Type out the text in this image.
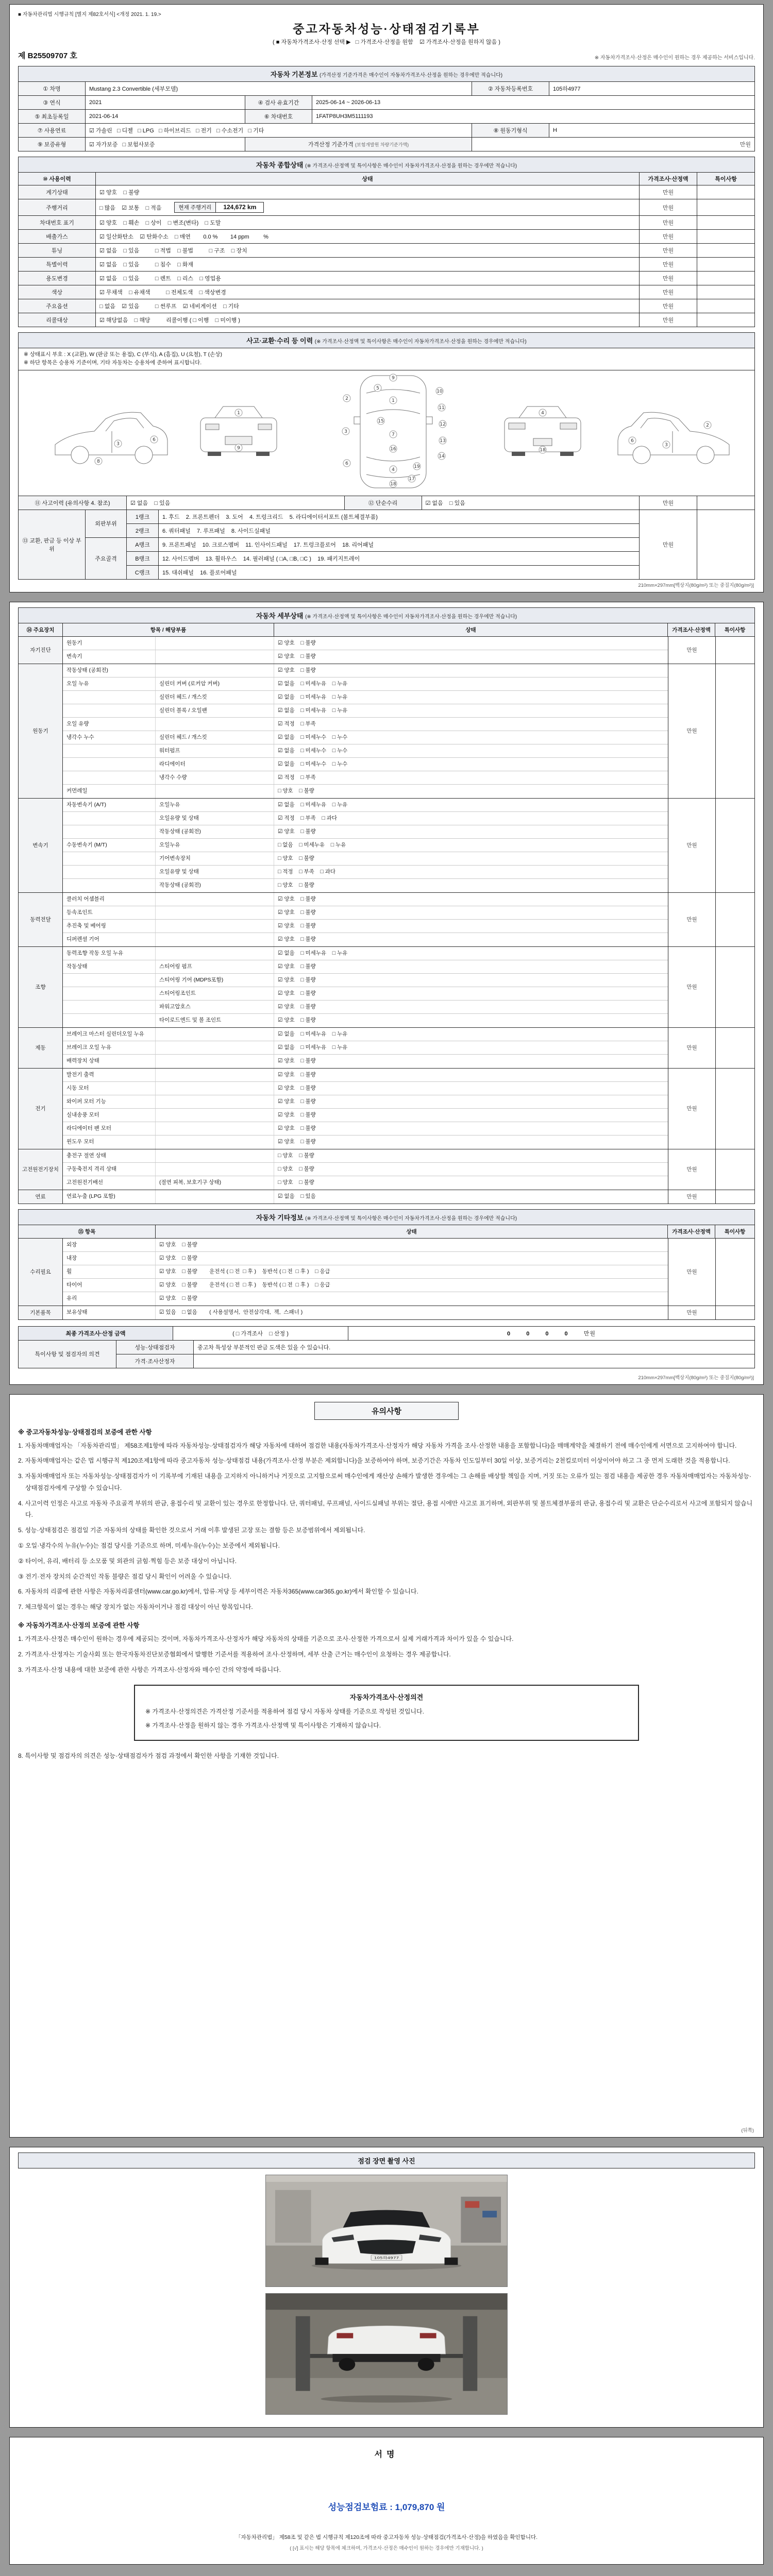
■ 자동차관리법 시행규칙 [별지 제82호서식] <개정 2021. 1. 19.>
중고자동차성능·상태점검기록부
( ■ 자동차가격조사·산정 선택 ▶   □ 가격조사·산정을 원함    ☑ 가격조사·산정을 원하지 않음 )
제 B25509707 호	※ 자동차가격조사·산정은 매수인이 원하는 경우 제공하는 서비스입니다.
자동차 기본정보 (가격산정 기준가격은 매수인이 자동차가격조사·산정을 원하는 경우에만 적습니다)
① 차명	Mustang 2.3 Convertible (세부모델)			② 자동차등록번호	105하4977
③ 연식	2021	④ 검사 유효기간	2025-06-14 ~ 2026-06-13		
⑤ 최초등록일	2021-06-14	⑥ 차대번호	1FATP8UH3M5111193		
⑦ 사용연료	☑ 가솔린   □ 디젤   □ LPG   □ 하이브리드   □ 전기   □ 수소전기   □ 기타			⑧ 원동기형식	H
⑨ 보증유형	☑ 자가보증   □ 보험사보증	가격산정 기준가격 (보험개발원 차량기준가액)		만원	
자동차 종합상태 (※ 가격조사·산정액 및 특이사항은 매수인이 자동차가격조사·산정을 원하는 경우에만 적습니다)
⑩ 사용이력	상태	가격조사·산정액	특이사항
계기상태	☑ 양호    □ 불량	만원	
주행거리	□ 많음    ☑ 보통    □ 적음 현재 주행거리 124,672 km	만원	
차대번호 표기	☑ 양호    □ 훼손    □ 상이    □ 변조(변타)    □ 도말	만원	
배출가스	☑ 일산화탄소    ☑ 탄화수소    □ 매연        0.0 %        14 ppm         %	만원	
튜닝	☑ 없음    □ 있음          □ 적법    □ 불법          □ 구조    □ 장치	만원	
특별이력	☑ 없음    □ 있음          □ 침수    □ 화재	만원	
용도변경	☑ 없음    □ 있음          □ 렌트    □ 리스    □ 영업용	만원	
색상	☑ 무채색    □ 유채색          □ 전체도색    □ 색상변경	만원	
주요옵션	□ 없음    ☑ 있음          □ 썬루프    ☑ 네비게이션    □ 기타	만원	
리콜대상	☑ 해당없음    □ 해당          리콜이행 ( □ 이행    □ 미이행 )	만원	
사고·교환·수리 등 이력 (※ 가격조사·산정액 및 특이사항은 매수인이 자동차가격조사·산정을 원하는 경우에만 적습니다)
※ 상태표시 부호 : X (교환), W (판금 또는 용접), C (부식), A (흠집), U (요철), T (손상)
※ 하단 항목은 승용차 기준이며, 기타 자동차는 승용차에 준하여 표시합니다.
3
6
8
1
9
9
5
1
15
7
16
4
18
17
19
2
3
6
10
11
12
13
14
4
18
2
3
6
⑪ 사고이력 (유의사항 4. 참조)	☑ 없음    □ 있음	⑫ 단순수리	☑ 없음    □ 있음	만원	
⑬ 교환, 판금 등 이상 부위	외판부위	1랭크	1. 후드    2. 프론트펜더    3. 도어    4. 트렁크리드    5. 라디에이터서포트 (볼트체결부품)	만원	
		2랭크	6. 쿼터패널    7. 루프패널    8. 사이드실패널		
	주요골격	A랭크	9. 프론트패널    10. 크로스멤버    11. 인사이드패널    17. 트렁크플로어    18. 리어패널		
		B랭크	12. 사이드멤버    13. 휠하우스    14. 필러패널 ( □A, □B, □C )    19. 패키지트레이		
		C랭크	15. 대쉬패널    16. 플로어패널		
210mm×297mm[백상지(80g/m²) 또는 중질지(80g/m²)]
자동차 세부상태 (※ 가격조사·산정액 및 특이사항은 매수인이 자동차가격조사·산정을 원하는 경우에만 적습니다)
⑭ 주요장치	항목 / 해당부품	상태	가격조사·산정액	특이사항
자기진단
원동기	☑ 양호    □ 불량
변속기	☑ 양호    □ 불량
만원
원동기
작동상태 (공회전)	☑ 양호    □ 불량
오일 누유	실린더 커버 (로커암 커버)	☑ 없음    □ 미세누유    □ 누유
실린더 헤드 / 개스킷	☑ 없음    □ 미세누유    □ 누유
실린더 블록 / 오일팬	☑ 없음    □ 미세누유    □ 누유
오일 유량	☑ 적정    □ 부족
냉각수 누수	실린더 헤드 / 개스킷	☑ 없음    □ 미세누수    □ 누수
워터펌프	☑ 없음    □ 미세누수    □ 누수
라디에이터	☑ 없음    □ 미세누수    □ 누수
냉각수 수량	☑ 적정    □ 부족
커먼레일	□ 양호    □ 불량
만원
변속기
자동변속기 (A/T)	오일누유	☑ 없음    □ 미세누유    □ 누유
오일유량 및 상태	☑ 적정    □ 부족    □ 과다
작동상태 (공회전)	☑ 양호    □ 불량
수동변속기 (M/T)	오일누유	□ 없음    □ 미세누유    □ 누유
기어변속장치	□ 양호    □ 불량
오일유량 및 상태	□ 적정    □ 부족    □ 과다
작동상태 (공회전)	□ 양호    □ 불량
만원
동력전달
클러치 어셈블리	☑ 양호    □ 불량
등속조인트	☑ 양호    □ 불량
추진축 및 베어링	☑ 양호    □ 불량
디퍼렌셜 기어	☑ 양호    □ 불량
만원
조향
동력조향 작동 오일 누유	☑ 없음    □ 미세누유    □ 누유
작동상태	스티어링 펌프	☑ 양호    □ 불량
스티어링 기어 (MDPS포함)	☑ 양호    □ 불량
스티어링조인트	☑ 양호    □ 불량
파워고압호스	☑ 양호    □ 불량
타이로드엔드 및 볼 조인트	☑ 양호    □ 불량
만원
제동
브레이크 마스터 실린더오일 누유	☑ 없음    □ 미세누유    □ 누유
브레이크 오일 누유	☑ 없음    □ 미세누유    □ 누유
배력장치 상태	☑ 양호    □ 불량
만원
전기
발전기 출력	☑ 양호    □ 불량
시동 모터	☑ 양호    □ 불량
와이퍼 모터 기능	☑ 양호    □ 불량
실내송풍 모터	☑ 양호    □ 불량
라디에이터 팬 모터	☑ 양호    □ 불량
윈도우 모터	☑ 양호    □ 불량
만원
고전원전기장치
충전구 절연 상태	□ 양호    □ 불량
구동축전지 격리 상태	□ 양호    □ 불량
고전원전기배선	(절연 피복, 보호기구 상태)	□ 양호    □ 불량
만원
연료	연료누출 (LPG 포함)	☑ 없음    □ 있음	만원
자동차 기타정보 (※ 가격조사·산정액 및 특이사항은 매수인이 자동차가격조사·산정을 원하는 경우에만 적습니다)
⑮ 항목	상태	가격조사·산정액	특이사항
수리필요
외장	☑ 양호    □ 불량
내장	☑ 양호    □ 불량
휠	☑ 양호    □ 불량        운전석 ( □ 전  □ 후 )    동반석 ( □ 전  □ 후 )    □ 응급
타이어	☑ 양호    □ 불량        운전석 ( □ 전  □ 후 )    동반석 ( □ 전  □ 후 )    □ 응급
유리	☑ 양호    □ 불량
만원
기본품목	보유상태	☑ 있음    □ 없음        ( 사용설명서,  안전삼각대,  잭,  스패너 )	만원
최종 가격조사·산정 금액	( □ 가격조사    □ 산정 )	0 0 0 0 만원
특이사항 및 점검자의 의견	성능·상태점검자	중고차 특성상 부분적인 판금 도색은 있을 수 있습니다.
	가격·조사산정자	
210mm×297mm[백상지(80g/m²) 또는 중질지(80g/m²)]
유의사항
※ 중고자동차성능·상태점검의 보증에 관한 사항

1. 자동차매매업자는 「자동차관리법」 제58조제1항에 따라 자동차성능·상태점검자가 해당 자동차에 대하여 점검한 내용(자동차가격조사·산정자가 해당 자동차 가격을 조사·산정한 내용을 포함합니다)을 매매계약을 체결하기 전에 매수인에게 서면으로 고지하여야 합니다.

2. 자동차매매업자는 같은 법 시행규칙 제120조제1항에 따라 중고자동차 성능·상태점검 내용(가격조사·산정 부분은 제외합니다)을 보증하여야 하며, 보증기간은 자동차 인도일부터 30일 이상, 보증거리는 2천킬로미터 이상이어야 하고 그 중 먼저 도래한 것을 적용합니다.

3. 자동차매매업자 또는 자동차성능·상태점검자가 이 기록부에 기재된 내용을 고지하지 아니하거나 거짓으로 고지함으로써 매수인에게 재산상 손해가 발생한 경우에는 그 손해를 배상할 책임을 지며, 거짓 또는 오류가 있는 점검 내용을 제공한 경우 자동차매매업자는 자동차성능·상태점검자에게 구상할 수 있습니다.

4. 사고이력 인정은 사고로 자동차 주요골격 부위의 판금, 용접수리 및 교환이 있는 경우로 한정합니다. 단, 쿼터패널, 루프패널, 사이드실패널 부위는 절단, 용접 시에만 사고로 표기하며, 외판부위 및 볼트체결부품의 판금, 용접수리 및 교환은 단순수리로서 사고에 포함되지 않습니다.

5. 성능·상태점검은 점검일 기준 자동차의 상태를 확인한 것으로서 거래 이후 발생된 고장 또는 결함 등은 보증범위에서 제외됩니다.

① 오일·냉각수의 누유(누수)는 점검 당시를 기준으로 하며, 미세누유(누수)는 보증에서 제외됩니다.

② 타이어, 유리, 배터리 등 소모품 및 외관의 긁힘·찍힘 등은 보증 대상이 아닙니다.

③ 전기·전자 장치의 순간적인 작동 불량은 점검 당시 확인이 어려울 수 있습니다.

6. 자동차의 리콜에 관한 사항은 자동차리콜센터(www.car.go.kr)에서, 압류·저당 등 세부이력은 자동차365(www.car365.go.kr)에서 확인할 수 있습니다.

7. 체크항목이 없는 경우는 해당 장치가 없는 자동차이거나 점검 대상이 아닌 항목입니다.

※ 자동차가격조사·산정의 보증에 관한 사항

1. 가격조사·산정은 매수인이 원하는 경우에 제공되는 것이며, 자동차가격조사·산정자가 해당 자동차의 상태를 기준으로 조사·산정한 가격으로서 실제 거래가격과 차이가 있을 수 있습니다.

2. 가격조사·산정자는 기술사회 또는 한국자동차진단보증협회에서 발행한 기준서를 적용하여 조사·산정하며, 세부 산출 근거는 매수인이 요청하는 경우 제공합니다.

3. 가격조사·산정 내용에 대한 보증에 관한 사항은 가격조사·산정자와 매수인 간의 약정에 따릅니다.

자동차가격조사·산정의견

※ 가격조사·산정의견은 가격산정 기준서를 적용하여 점검 당시 자동차 상태를 기준으로 작성된 것입니다.

※ 가격조사·산정을 원하지 않는 경우 가격조사·산정액 및 특이사항은 기재하지 않습니다.

8. 특이사항 및 점검자의 의견은 성능·상태점검자가 점검 과정에서 확인한 사항을 기재한 것입니다.

(뒤쪽)
점검 장면 촬영 사진
105하4977
서명
성능점검보험료 : 1,079,870 원
「자동차관리법」 제58조 및 같은 법 시행규칙 제120조에 따라 중고자동차 성능·상태점검(가격조사·산정)을 하였음을 확인합니다.
( [√] 표시는 해당 항목에 체크하며, 가격조사·산정은 매수인이 원하는 경우에만 기재합니다. )
